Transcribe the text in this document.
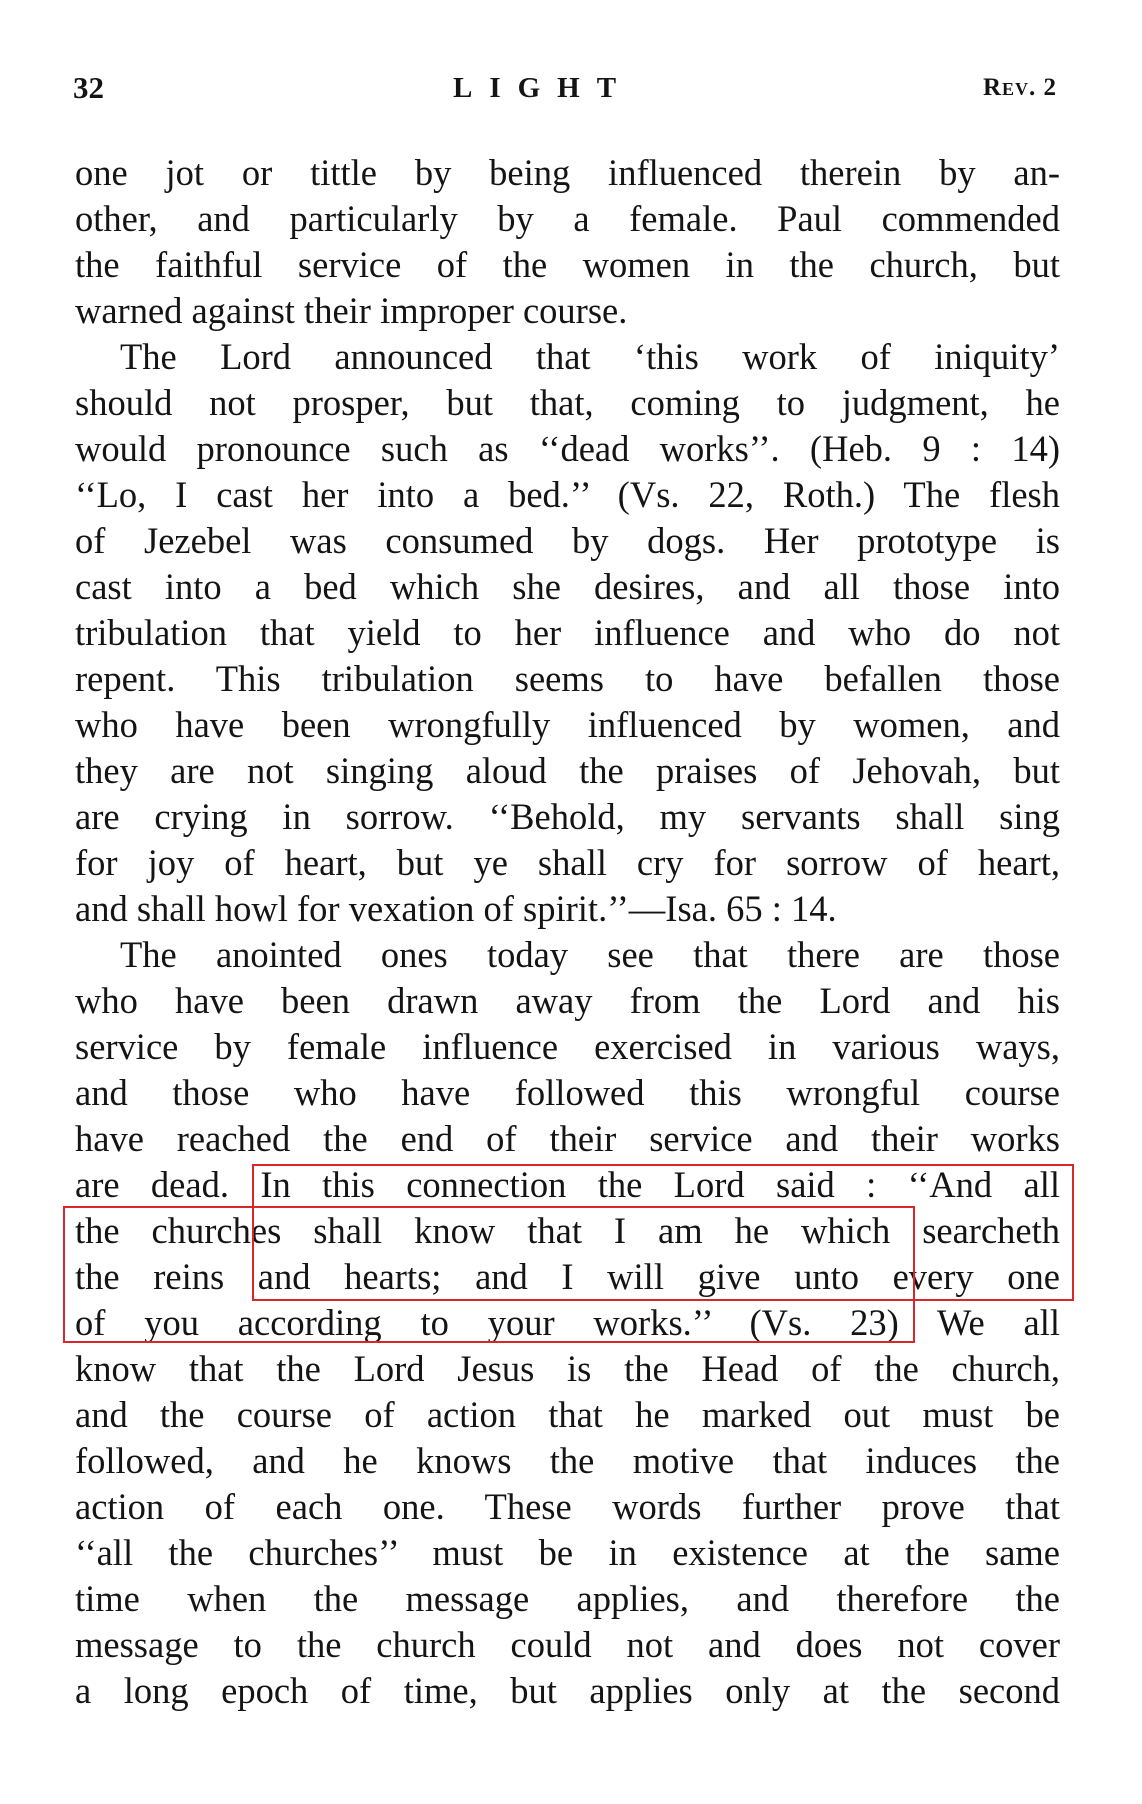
32	LIGHT	Rev. 2
one jot or tittle by being influenced therein by an-
other, and particularly by a female. Paul commended
the faithful service of the women in the church, but
warned against their improper course.
The Lord announced that ‘this work of iniquity’
should not prosper, but that, coming to judgment, he
would pronounce such as ‘‘dead works’’. (Heb. 9 : 14)
‘‘Lo, I cast her into a bed.’’ (Vs. 22, Roth.) The flesh
of Jezebel was consumed by dogs. Her prototype is
cast into a bed which she desires, and all those into
tribulation that yield to her influence and who do not
repent. This tribulation seems to have befallen those
who have been wrongfully influenced by women, and
they are not singing aloud the praises of Jehovah, but
are crying in sorrow. ‘‘Behold, my servants shall sing
for joy of heart, but ye shall cry for sorrow of heart,
and shall howl for vexation of spirit.’’—Isa. 65 : 14.
The anointed ones today see that there are those
who have been drawn away from the Lord and his
service by female influence exercised in various ways,
and those who have followed this wrongful course
have reached the end of their service and their works
are dead. In this connection the Lord said : ‘‘And all
the churches shall know that I am he which searcheth
the reins and hearts; and I will give unto every one
of you according to your works.’’ (Vs. 23) We all
know that the Lord Jesus is the Head of the church,
and the course of action that he marked out must be
followed, and he knows the motive that induces the
action of each one. These words further prove that
‘‘all the churches’’ must be in existence at the same
time when the message applies, and therefore the
message to the church could not and does not cover
a long epoch of time, but applies only at the second
